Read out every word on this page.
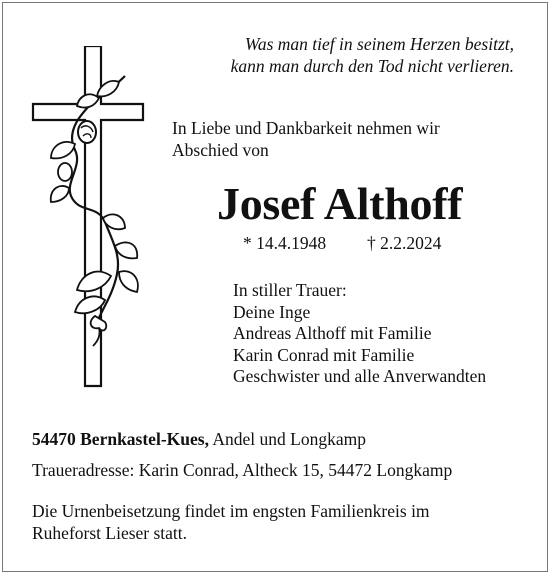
Was man tief in seinem Herzen besitzt,
kann man durch den Tod nicht verlieren.
In Liebe und Dankbarkeit nehmen wir
Abschied von
Josef Althoff
* 14.4.1948 † 2.2.2024
In stiller Trauer:
Deine Inge
Andreas Althoff mit Familie
Karin Conrad mit Familie
Geschwister und alle Anverwandten
54470 Bernkastel-Kues, Andel und Longkamp
Traueradresse: Karin Conrad, Altheck 15, 54472 Longkamp
Die Urnenbeisetzung findet im engsten Familienkreis im
Ruheforst Lieser statt.
